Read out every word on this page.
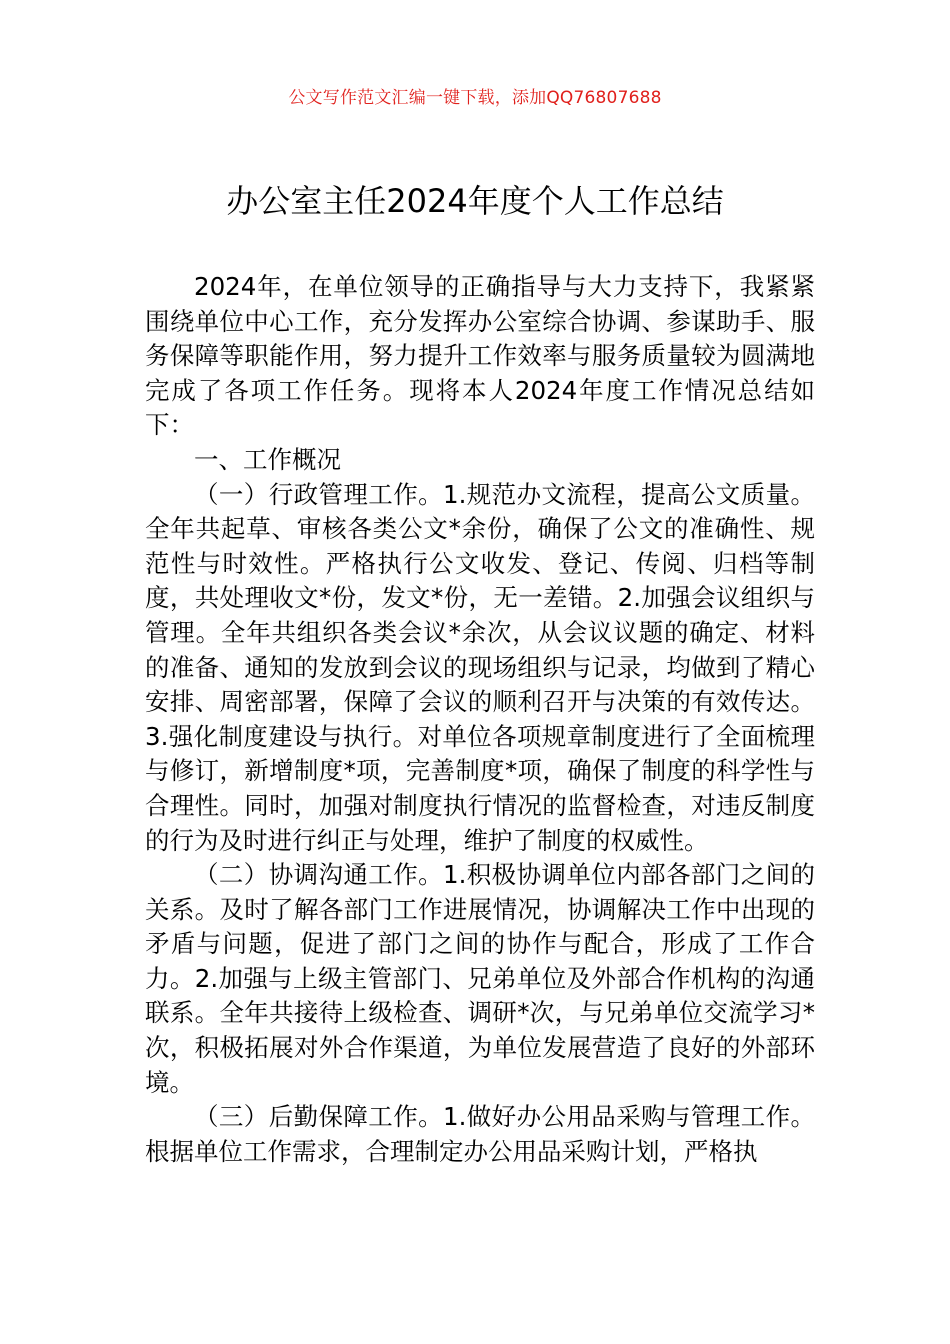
公文写作范文汇编一键下载，添加QQ76807688
办公室主任2024年度个人工作总结

2024年，在单位领导的正确指导与大力支持下，我紧紧围绕单位中心工作，充分发挥办公室综合协调、参谋助手、服务保障等职能作用，努力提升工作效率与服务质量较为圆满地完成了各项工作任务。现将本人2024年度工作情况总结如下：

一、工作概况

（一）行政管理工作。1.规范办文流程，提高公文质量。全年共起草、审核各类公文*余份，确保了公文的准确性、规范性与时效性。严格执行公文收发、登记、传阅、归档等制度，共处理收文*份，发文*份，无一差错。2.加强会议组织与管理。全年共组织各类会议*余次，从会议议题的确定、材料的准备、通知的发放到会议的现场组织与记录，均做到了精心安排、周密部署，保障了会议的顺利召开与决策的有效传达。3.强化制度建设与执行。对单位各项规章制度进行了全面梳理与修订，新增制度*项，完善制度*项，确保了制度的科学性与合理性。同时，加强对制度执行情况的监督检查，对违反制度的行为及时进行纠正与处理，维护了制度的权威性。

（二）协调沟通工作。1.积极协调单位内部各部门之间的关系。及时了解各部门工作进展情况，协调解决工作中出现的矛盾与问题，促进了部门之间的协作与配合，形成了工作合力。2.加强与上级主管部门、兄弟单位及外部合作机构的沟通联系。全年共接待上级检查、调研*次，与兄弟单位交流学习*次，积极拓展对外合作渠道，为单位发展营造了良好的外部环境。

（三）后勤保障工作。1.做好办公用品采购与管理工作。根据单位工作需求，合理制定办公用品采购计划，严格执
